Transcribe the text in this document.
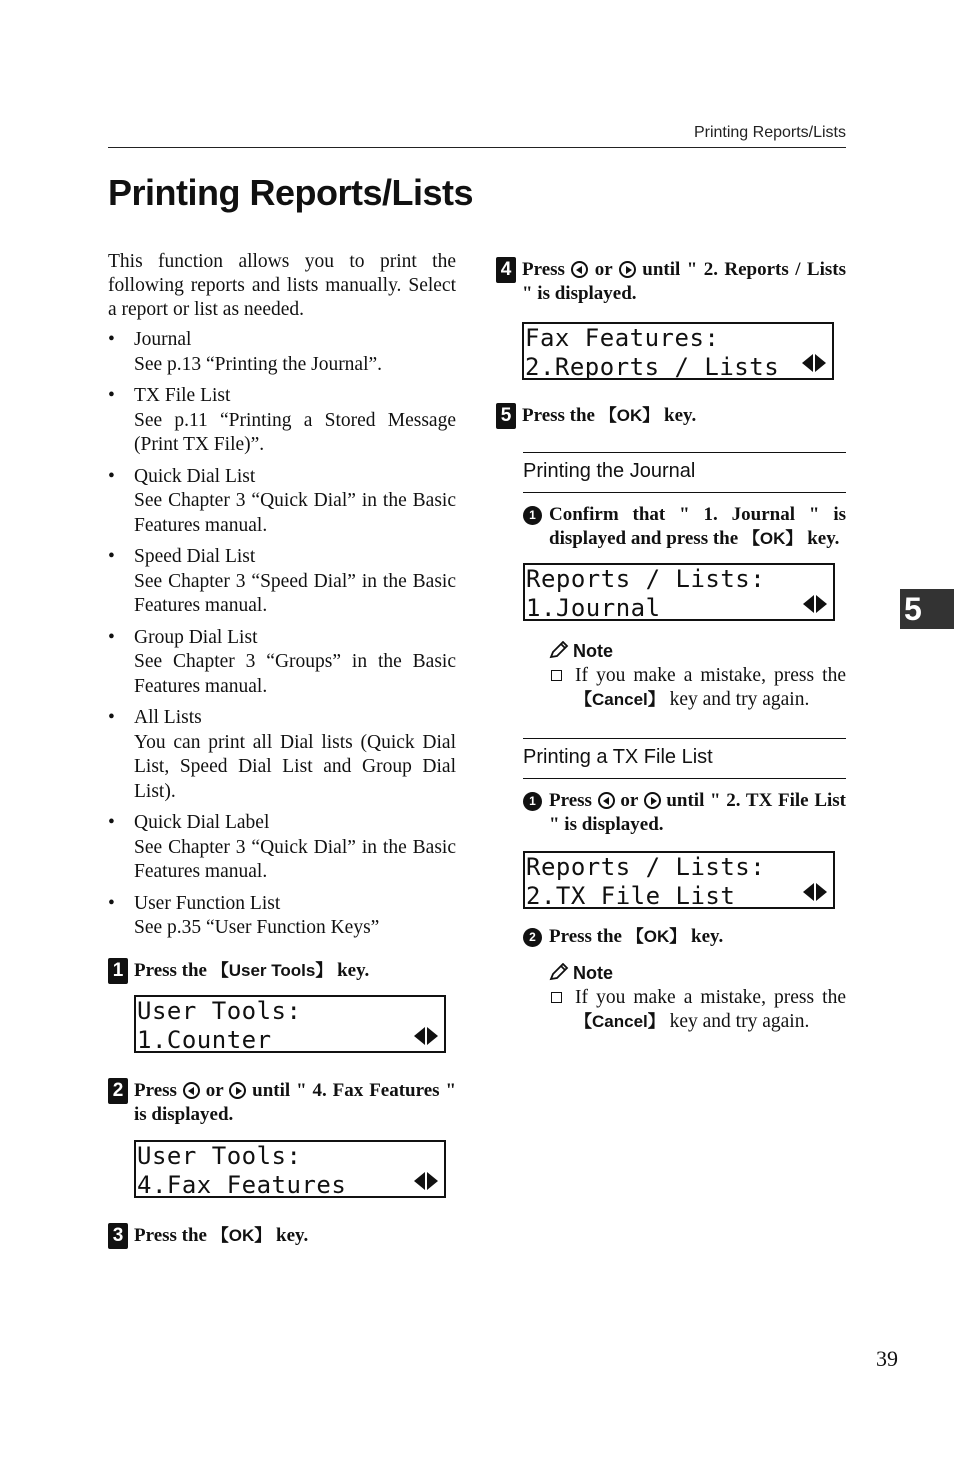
Printing Reports/Lists
Printing Reports/Lists

This function allows you to print the following reports and lists manually. Select a report or list as needed.

• Journal
See p.13 “Printing the Journal”.
• TX File List
See p.11 “Printing a Stored Message (Print TX File)”.
• Quick Dial List
See Chapter 3 “Quick Dial” in the Basic Features manual.
• Speed Dial List
See Chapter 3 “Speed Dial” in the Basic Features manual.
• Group Dial List
See Chapter 3 “Groups” in the Basic Features manual.
• All Lists
You can print all Dial lists (Quick Dial List, Speed Dial List and Group Dial List).
• Quick Dial Label
See Chapter 3 “Quick Dial” in the Basic Features manual.
• User Function List
See p.35 “User Function Keys”

1 Press the 【User Tools】 key.

User Tools:
1.Counter

2 Press  or  until " 4. Fax Features " is displayed.

User Tools:
4.Fax Features

3 Press the 【OK】 key.

4 Press  or  until " 2. Reports / Lists " is displayed.

Fax Features:
2.Reports / Lists

5 Press the 【OK】 key.

Printing the Journal

1 Confirm that " 1. Journal " is displayed and press the 【OK】 key.

Reports / Lists:
1.Journal
Note
If you make a mistake, press the 【Cancel】 key and try again.
Printing a TX File List

1 Press  or  until " 2. TX File List " is displayed.

Reports / Lists:
2.TX File List

2 Press the 【OK】 key.

Note
If you make a mistake, press the 【Cancel】 key and try again.
5
39
